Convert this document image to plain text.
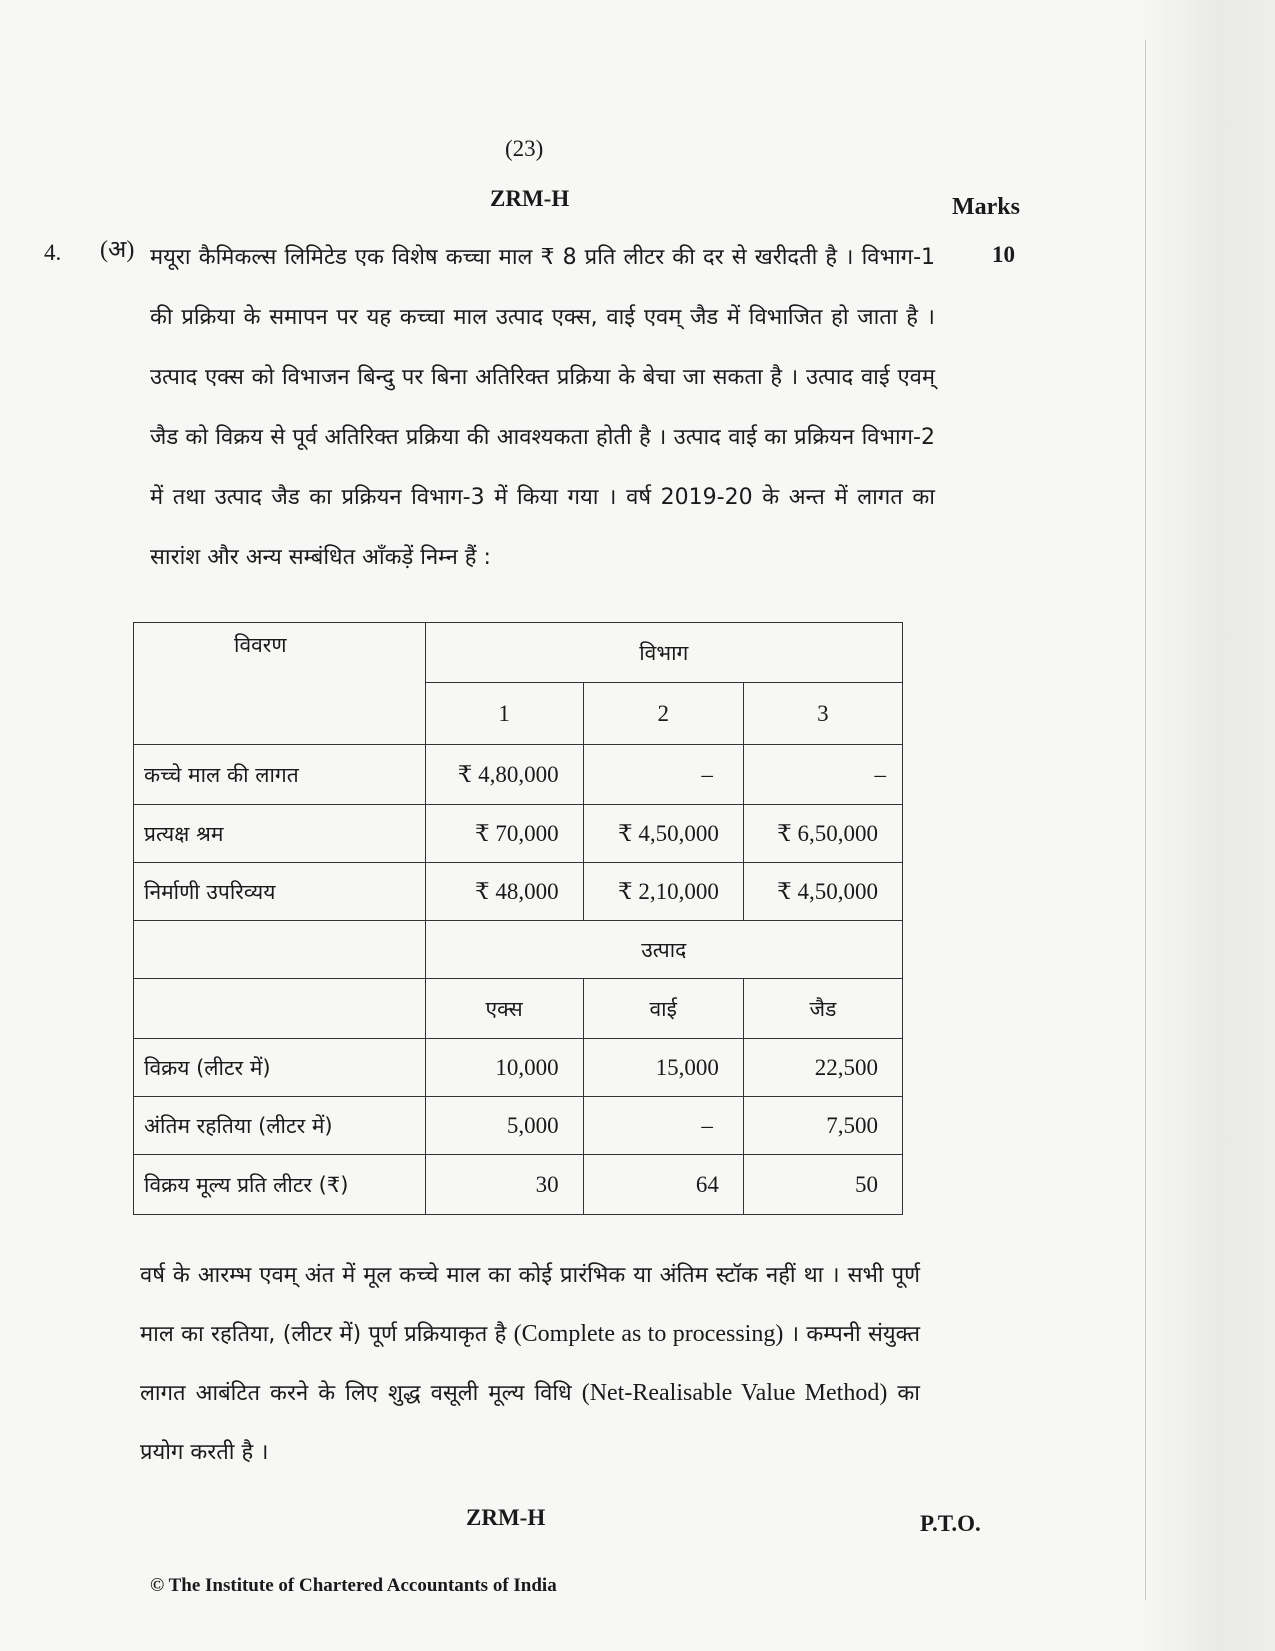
(23)
ZRM-H	Marks
4. (अ)	10

मयूरा कैमिकल्स लिमिटेड एक विशेष कच्चा माल ₹ 8 प्रति लीटर की दर से खरीदती है । विभाग-1 की प्रक्रिया के समापन पर यह कच्चा माल उत्पाद एक्स, वाई एवम् जैड में विभाजित हो जाता है । उत्पाद एक्स को विभाजन बिन्दु पर बिना अतिरिक्त प्रक्रिया के बेचा जा सकता है । उत्पाद वाई एवम् जैड को विक्रय से पूर्व अतिरिक्त प्रक्रिया की आवश्यकता होती है । उत्पाद वाई का प्रक्रियन विभाग-2 में तथा उत्पाद जैड का प्रक्रियन विभाग-3 में किया गया । वर्ष 2019-20 के अन्त में लागत का सारांश और अन्य सम्बंधित आँकड़ें निम्न हैं :

विवरण	विभाग		
	1	2	3
कच्चे माल की लागत	₹ 4,80,000	–	–
प्रत्यक्ष श्रम	₹ 70,000	₹ 4,50,000	₹ 6,50,000
निर्माणी उपरिव्यय	₹ 48,000	₹ 2,10,000	₹ 4,50,000
	उत्पाद		
	एक्स	वाई	जैड
विक्रय (लीटर में)	10,000	15,000	22,500
अंतिम रहतिया (लीटर में)	5,000	–	7,500
विक्रय मूल्य प्रति लीटर (₹)	30	64	50

वर्ष के आरम्भ एवम् अंत में मूल कच्चे माल का कोई प्रारंभिक या अंतिम स्टॉक नहीं था । सभी पूर्ण माल का रहतिया, (लीटर में) पूर्ण प्रक्रियाकृत है (Complete as to processing) । कम्पनी संयुक्त लागत आबंटित करने के लिए शुद्ध वसूली मूल्य विधि (Net-Realisable Value Method) का प्रयोग करती है ।

ZRM-H	P.T.O.
© The Institute of Chartered Accountants of India
